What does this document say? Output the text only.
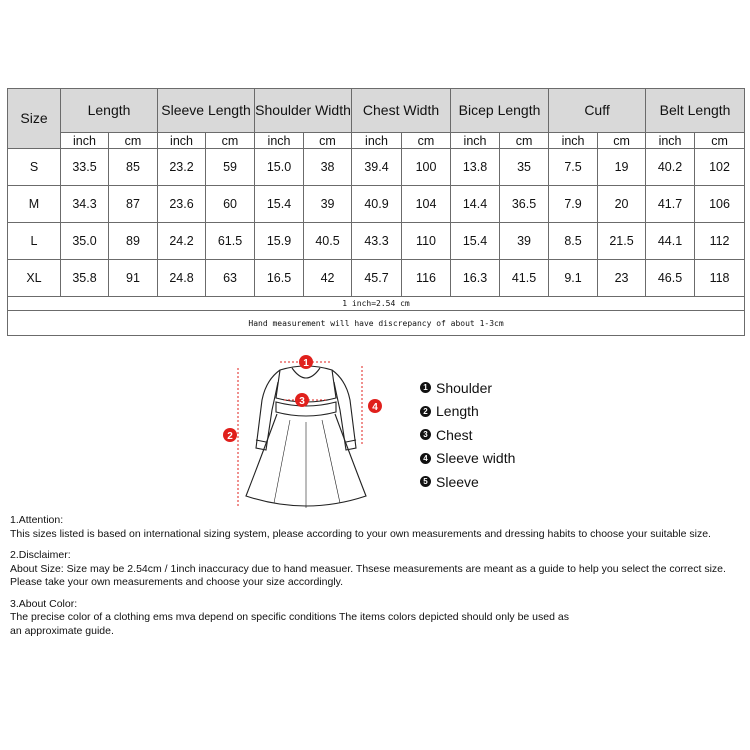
Size	Length		Sleeve Length		Shoulder Width		Chest Width		Bicep Length		Cuff		Belt Length	
	inch	cm	inch	cm	inch	cm	inch	cm	inch	cm	inch	cm	inch	cm
S	33.5	85	23.2	59	15.0	38	39.4	100	13.8	35	7.5	19	40.2	102
M	34.3	87	23.6	60	15.4	39	40.9	104	14.4	36.5	7.9	20	41.7	106
L	35.0	89	24.2	61.5	15.9	40.5	43.3	110	15.4	39	8.5	21.5	44.1	112
XL	35.8	91	24.8	63	16.5	42	45.7	116	16.3	41.5	9.1	23	46.5	118
1 inch=2.54 cm														
Hand measurement will have discrepancy of about 1-3cm														
1
2
3
4
1 Shoulder
2 Length
3 Chest
4 Sleeve width
5 Sleeve
1.Attention:
This sizes listed is based on international sizing system, please according to your own measurements and dressing habits to choose your suitable size.
2.Disclaimer:
About Size: Size may be 2.54cm / 1inch inaccuracy due to hand measuer. Thsese measurements are meant as a guide to help you select the correct size.
Please take your own measurements and choose your size accordingly.
3.About Color:
The precise color of a clothing ems mva depend on specific conditions The items colors depicted should only be used as
an approximate guide.
